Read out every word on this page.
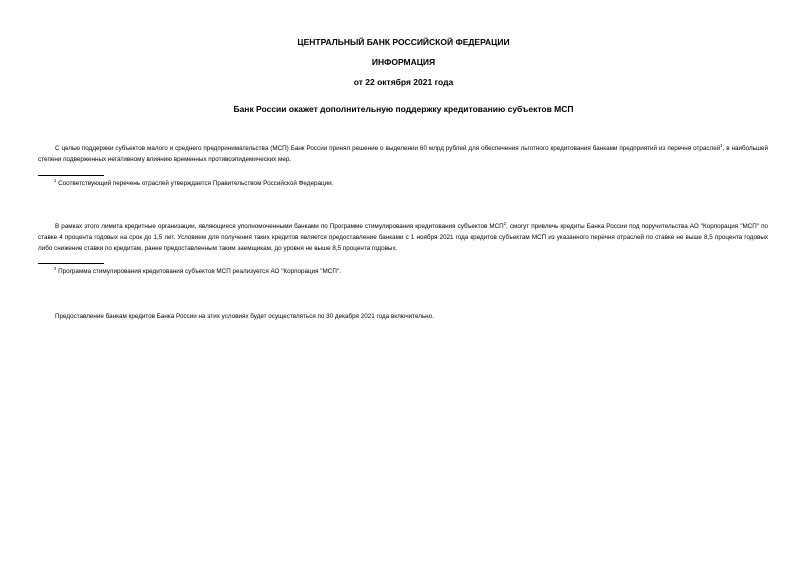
ЦЕНТРАЛЬНЫЙ БАНК РОССИЙСКОЙ ФЕДЕРАЦИИ
ИНФОРМАЦИЯ
от 22 октября 2021 года
Банк России окажет дополнительную поддержку кредитованию субъектов МСП
С целью поддержки субъектов малого и среднего предпринимательства (МСП) Банк России принял решение о выделении 60 млрд рублей для обеспечения льготного кредитования банками предприятий из перечня отраслей$^1$, в наибольшей степени подверженных негативному влиянию временных противоэпидемических мер.
$^1$ Соответствующий перечень отраслей утверждается Правительством Российской Федерации.
В рамках этого лимита кредитные организации, являющиеся уполномоченными банками по Программе стимулирования кредитования субъектов МСП$^2$, смогут привлечь кредиты Банка России под поручительства АО "Корпорация "МСП" по ставке 4 процента годовых на срок до 1,5 лет. Условием для получения таких кредитов является предоставление банками с 1 ноября 2021 года кредитов субъектам МСП из указанного перечня отраслей по ставке не выше 8,5 процента годовых либо снижение ставки по кредитам, ранее предоставленным таким заемщикам, до уровня не выше 8,5 процента годовых.
$^2$ Программа стимулирования кредитования субъектов МСП реализуется АО "Корпорация "МСП".
Предоставление банкам кредитов Банка России на этих условиях будет осуществляться по 30 декабря 2021 года включительно.
